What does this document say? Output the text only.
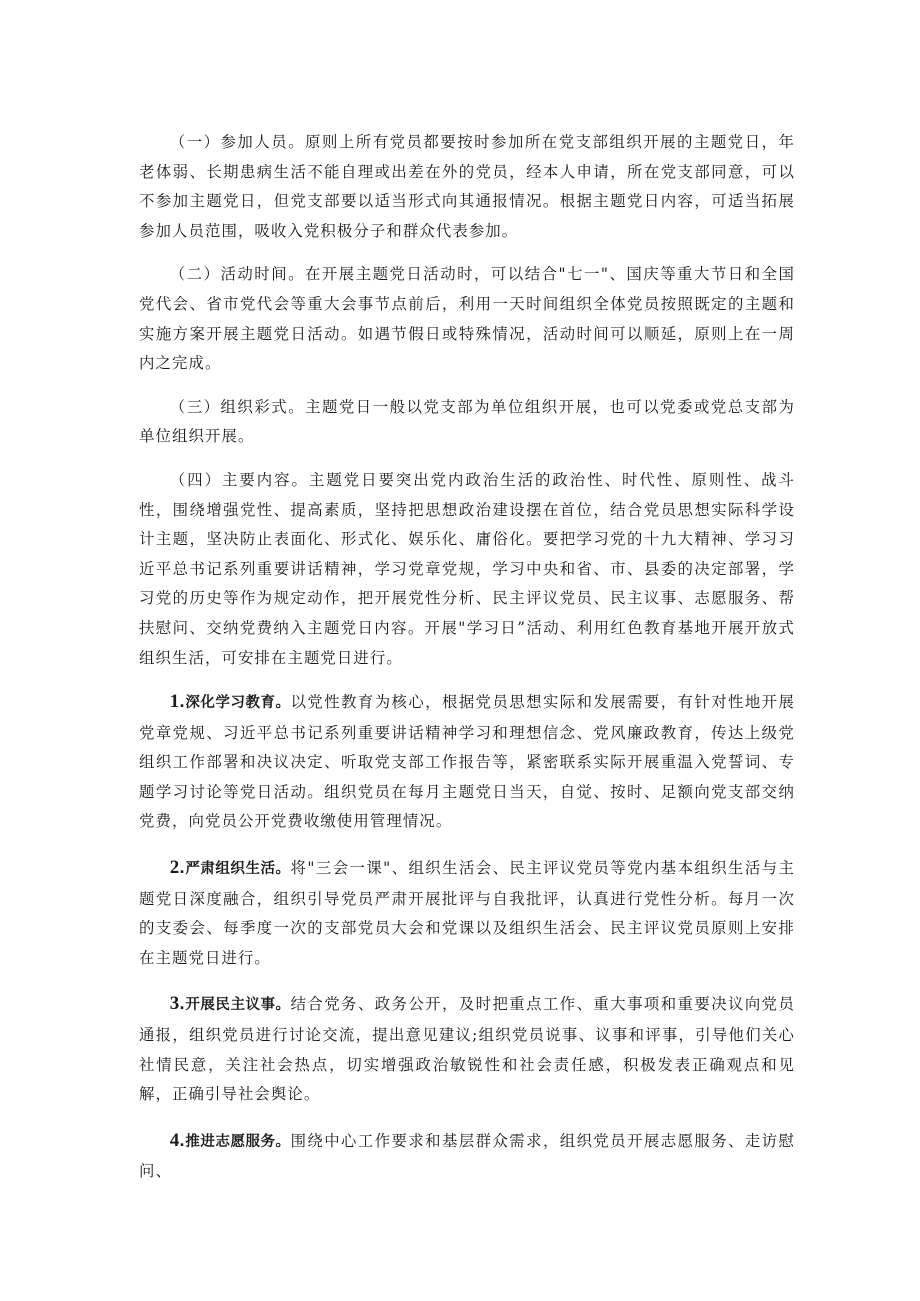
（一）参加人员。原则上所有党员都要按时参加所在党支部组织开展的主题党日，年老体弱、长期患病生活不能自理或出差在外的党员，经本人申请，所在党支部同意，可以不参加主题党日，但党支部要以适当形式向其通报情况。根据主题党日内容，可适当拓展参加人员范围，吸收入党积极分子和群众代表参加。

（二）活动时间。在开展主题党日活动时，可以结合"七一"、国庆等重大节日和全国党代会、省市党代会等重大会事节点前后，利用一天时间组织全体党员按照既定的主题和实施方案开展主题党日活动。如遇节假日或特殊情况，活动时间可以顺延，原则上在一周内之完成。

（三）组织彩式。主题党日一般以党支部为单位组织开展，也可以党委或党总支部为单位组织开展。

（四）主要内容。主题党日要突出党内政治生活的政治性、时代性、原则性、战斗性，围绕增强党性、提高素质，坚持把思想政治建设摆在首位，结合党员思想实际科学设计主题，坚决防止表面化、形式化、娱乐化、庸俗化。要把学习党的十九大精神、学习习近平总书记系列重要讲话精神，学习党章党规，学习中央和省、市、县委的决定部署，学习党的历史等作为规定动作，把开展党性分析、民主评议党员、民主议事、志愿服务、帮扶慰问、交纳党费纳入主题党日内容。开展"学习日”活动、利用红色教育基地开展开放式组织生活，可安排在主题党日进行。

1.深化学习教育。以党性教育为核心，根据党员思想实际和发展需要，有针对性地开展党章党规、习近平总书记系列重要讲话精神学习和理想信念、党风廉政教育，传达上级党组织工作部署和决议决定、听取党支部工作报告等，紧密联系实际开展重温入党誓词、专题学习讨论等党日活动。组织党员在每月主题党日当天，自觉、按时、足额向党支部交纳党费，向党员公开党费收缴使用管理情况。

2.严肃组织生活。将"三会一课"、组织生活会、民主评议党员等党内基本组织生活与主题党日深度融合，组织引导党员严肃开展批评与自我批评，认真进行党性分析。每月一次的支委会、每季度一次的支部党员大会和党课以及组织生活会、民主评议党员原则上安排在主题党日进行。

3.开展民主议事。结合党务、政务公开，及时把重点工作、重大事项和重要决议向党员通报，组织党员进行讨论交流，提出意见建议;组织党员说事、议事和评事，引导他们关心社情民意，关注社会热点，切实增强政治敏锐性和社会责任感，积极发表正确观点和见解，正确引导社会舆论。

4.推进志愿服务。围绕中心工作要求和基层群众需求，组织党员开展志愿服务、走访慰问、
